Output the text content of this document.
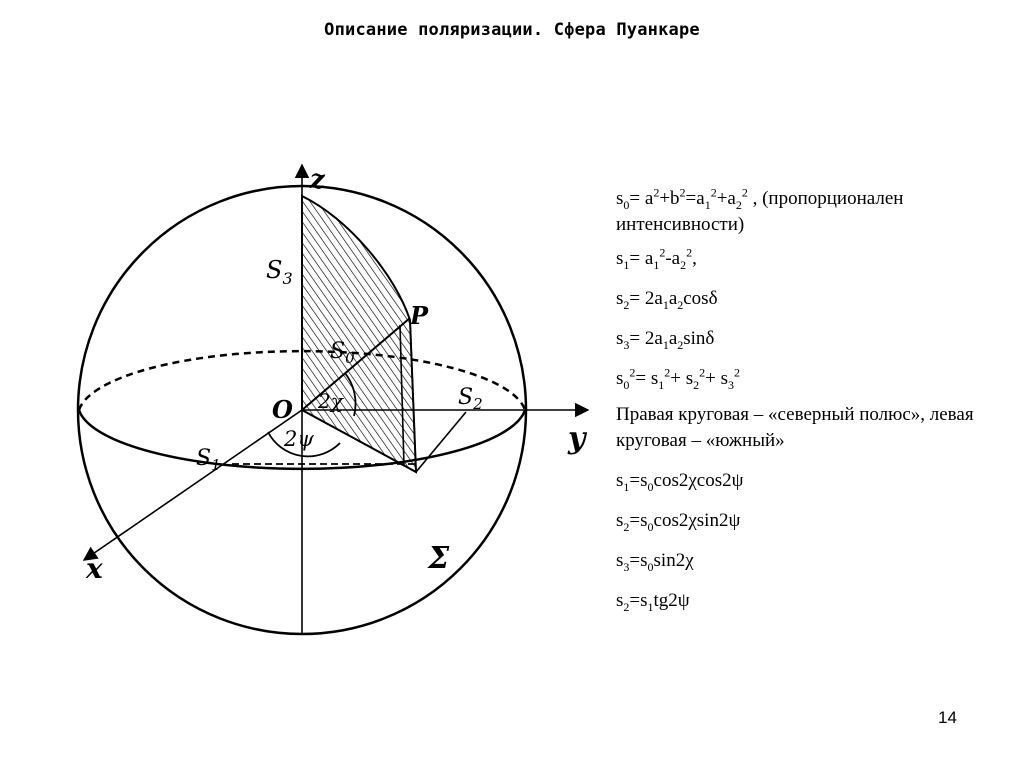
Описание поляризации. Сфера Пуанкаре
z
y
x
O
P
$S_3$
$S_0$
$S_2$
$S_1$
2χ
2ψ
Σ

$s_0= a^2+b^2=a_1^2+a_2^2$ , (пропорционален интенсивности)

$s_1= a_1^2-a_2^2$,

$s_2= 2a_1a_2\cos\delta$

$s_3= 2a_1a_2\sin\delta$

$s_0^2= s_1^2+ s_2^2+ s_3^2$

Правая круговая – «северный полюс», левая круговая – «южный»

$s_1=s_0\cos 2\chi\cos 2\psi$

$s_2=s_0\cos 2\chi\sin 2\psi$

$s_3=s_0\sin 2\chi$

$s_2=s_1tg2\psi$

14
